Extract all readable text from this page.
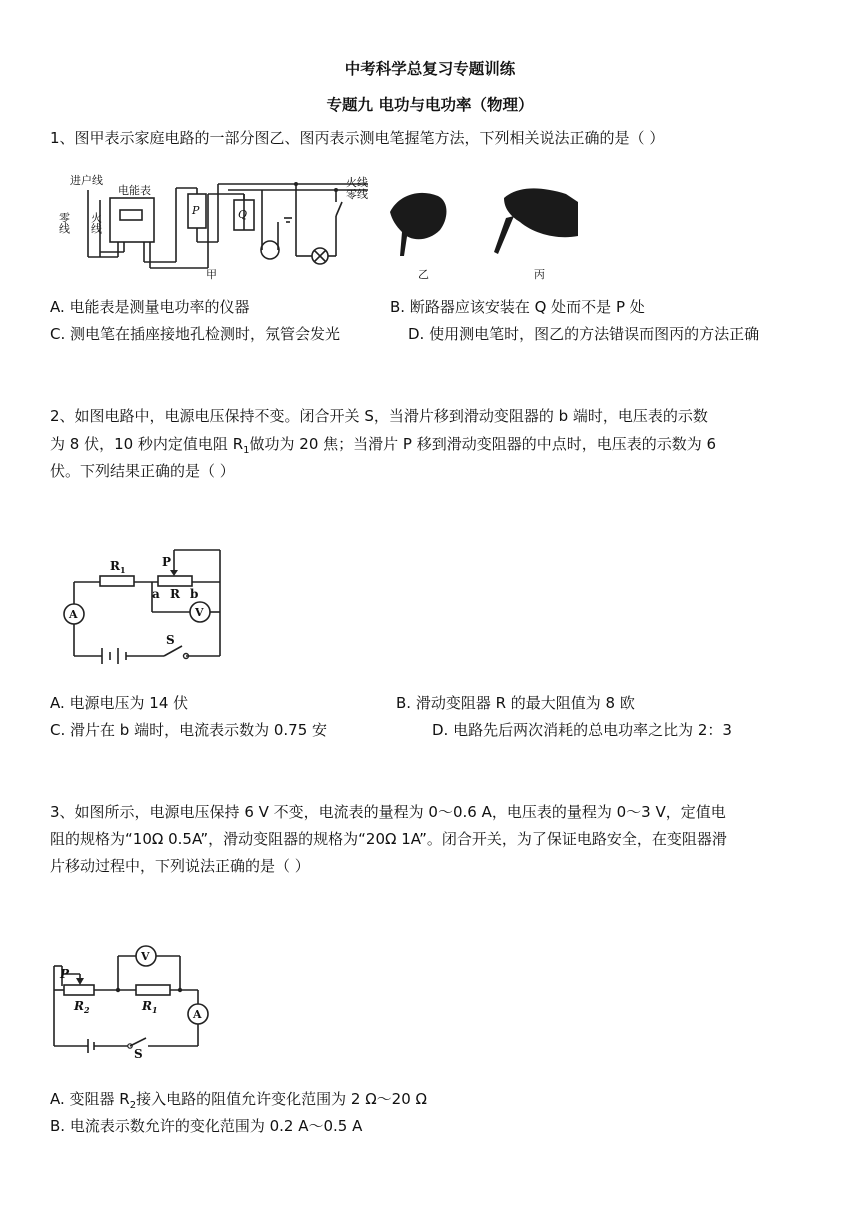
中考科学总复习专题训练
专题九 电功与电功率（物理）
1、图甲表示家庭电路的一部分图乙、图丙表示测电笔握笔方法，下列相关说法正确的是（ ）
进户线
电能表
零线 火线
火线
零线
P	Q
甲	乙	丙
A. 电能表是测量电功率的仪器	B. 断路器应该安装在 Q 处而不是 P 处
C. 测电笔在插座接地孔检测时，氖管会发光	D. 使用测电笔时，图乙的方法错误而图丙的方法正确
2、如图电路中，电源电压保持不变。闭合开关 S，当滑片移到滑动变阻器的 b 端时，电压表的示数
为 8 伏，10 秒内定值电阻 $R_1$做功为 20 焦；当滑片 P 移到滑动变阻器的中点时，电压表的示数为 6
伏。下列结果正确的是（ ）
$R_1$
P
a R b
A	V
S
A. 电源电压为 14 伏	B. 滑动变阻器 R 的最大阻值为 8 欧
C. 滑片在 b 端时，电流表示数为 0.75 安	D. 电路先后两次消耗的总电功率之比为 2：3
3、如图所示，电源电压保持 6 V 不变，电流表的量程为 0～0.6 A，电压表的量程为 0～3 V，定值电
阻的规格为“10Ω 0.5A”，滑动变阻器的规格为“20Ω 1A”。闭合开关，为了保证电路安全，在变阻器滑
片移动过程中，下列说法正确的是（ ）
P
$R_2$	$R_1$
V
A
S
A. 变阻器 $R_2$接入电路的阻值允许变化范围为 2 Ω～20 Ω
B. 电流表示数允许的变化范围为 0.2 A～0.5 A
